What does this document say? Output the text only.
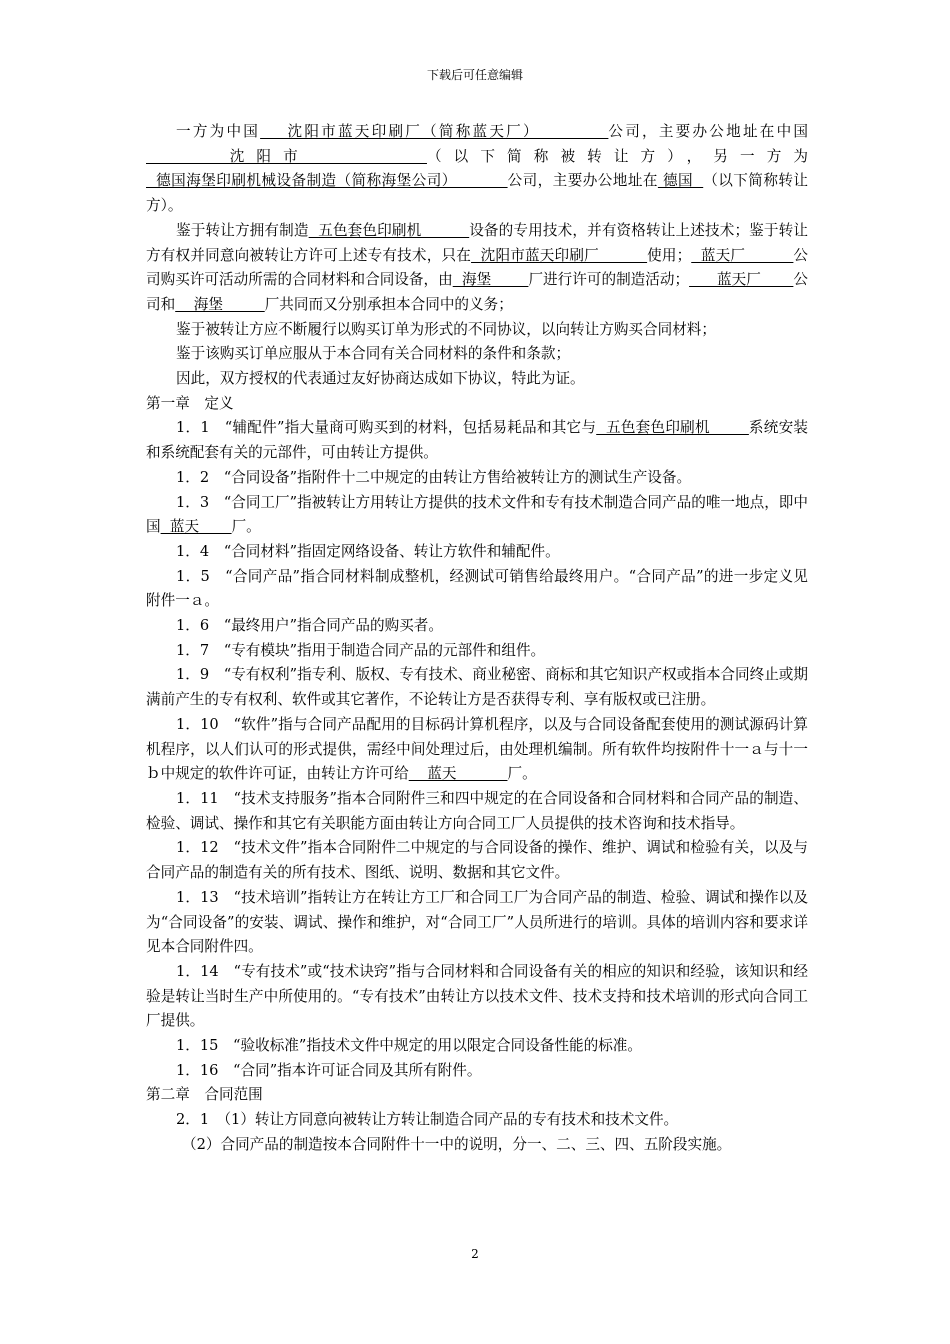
下载后可任意编辑

一方为中国    沈阳市蓝天印刷厂（简称蓝天厂）          公司，主要办公地址在中国     沈阳市       （以下简称被转让方），另一方为  德国海堡印刷机械设备制造（简称海堡公司）          公司，主要办公地址在 德国  （以下简称转让方）。

鉴于转让方拥有制造  五色套色印刷机          设备的专用技术，并有资格转让上述技术；鉴于转让方有权并同意向被转让方许可上述专有技术，只在  沈阳市蓝天印刷厂          使用；  蓝天厂          公司购买许可活动所需的合同材料和合同设备，由  海堡        厂进行许可的制造活动；      蓝天厂       公司和    海堡         厂共同而又分别承担本合同中的义务；

鉴于被转让方应不断履行以购买订单为形式的不同协议，以向转让方购买合同材料；

鉴于该购买订单应服从于本合同有关合同材料的条件和条款；

因此，双方授权的代表通过友好协商达成如下协议，特此为证。

第一章　定义

1．1　“辅配件”指大量商可购买到的材料，包括易耗品和其它与  五色套色印刷机        系统安装和系统配套有关的元部件，可由转让方提供。

1．2　“合同设备”指附件十二中规定的由转让方售给被转让方的测试生产设备。

1．3　“合同工厂”指被转让方用转让方提供的技术文件和专有技术制造合同产品的唯一地点，即中国  蓝天       厂。

1．4　“合同材料”指固定网络设备、转让方软件和辅配件。

1．5　“合同产品”指合同材料制成整机，经测试可销售给最终用户。“合同产品”的进一步定义见附件一ａ。

1．6　“最终用户”指合同产品的购买者。

1．7　“专有模块”指用于制造合同产品的元部件和组件。

1．9　“专有权利”指专利、版权、专有技术、商业秘密、商标和其它知识产权或指本合同终止或期满前产生的专有权利、软件或其它著作，不论转让方是否获得专利、享有版权或已注册。

1．10　“软件”指与合同产品配用的目标码计算机程序，以及与合同设备配套使用的测试源码计算机程序，以人们认可的形式提供，需经中间处理过后，由处理机编制。所有软件均按附件十一ａ与十一ｂ中规定的软件许可证，由转让方许可给    蓝天           厂。

1．11　“技术支持服务”指本合同附件三和四中规定的在合同设备和合同材料和合同产品的制造、检验、调试、操作和其它有关职能方面由转让方向合同工厂人员提供的技术咨询和技术指导。

1．12　“技术文件”指本合同附件二中规定的与合同设备的操作、维护、调试和检验有关，以及与合同产品的制造有关的所有技术、图纸、说明、数据和其它文件。

1．13　“技术培训”指转让方在转让方工厂和合同工厂为合同产品的制造、检验、调试和操作以及为“合同设备”的安装、调试、操作和维护，对“合同工厂”人员所进行的培训。具体的培训内容和要求详见本合同附件四。

1．14　“专有技术”或“技术诀窍”指与合同材料和合同设备有关的相应的知识和经验，该知识和经验是转让当时生产中所使用的。“专有技术”由转让方以技术文件、技术支持和技术培训的形式向合同工厂提供。

1．15　“验收标准”指技术文件中规定的用以限定合同设备性能的标准。

1．16　“合同”指本许可证合同及其所有附件。

第二章　合同范围

2．1　（1）转让方同意向被转让方转让制造合同产品的专有技术和技术文件。

（2）合同产品的制造按本合同附件十一中的说明，分一、二、三、四、五阶段实施。

2
